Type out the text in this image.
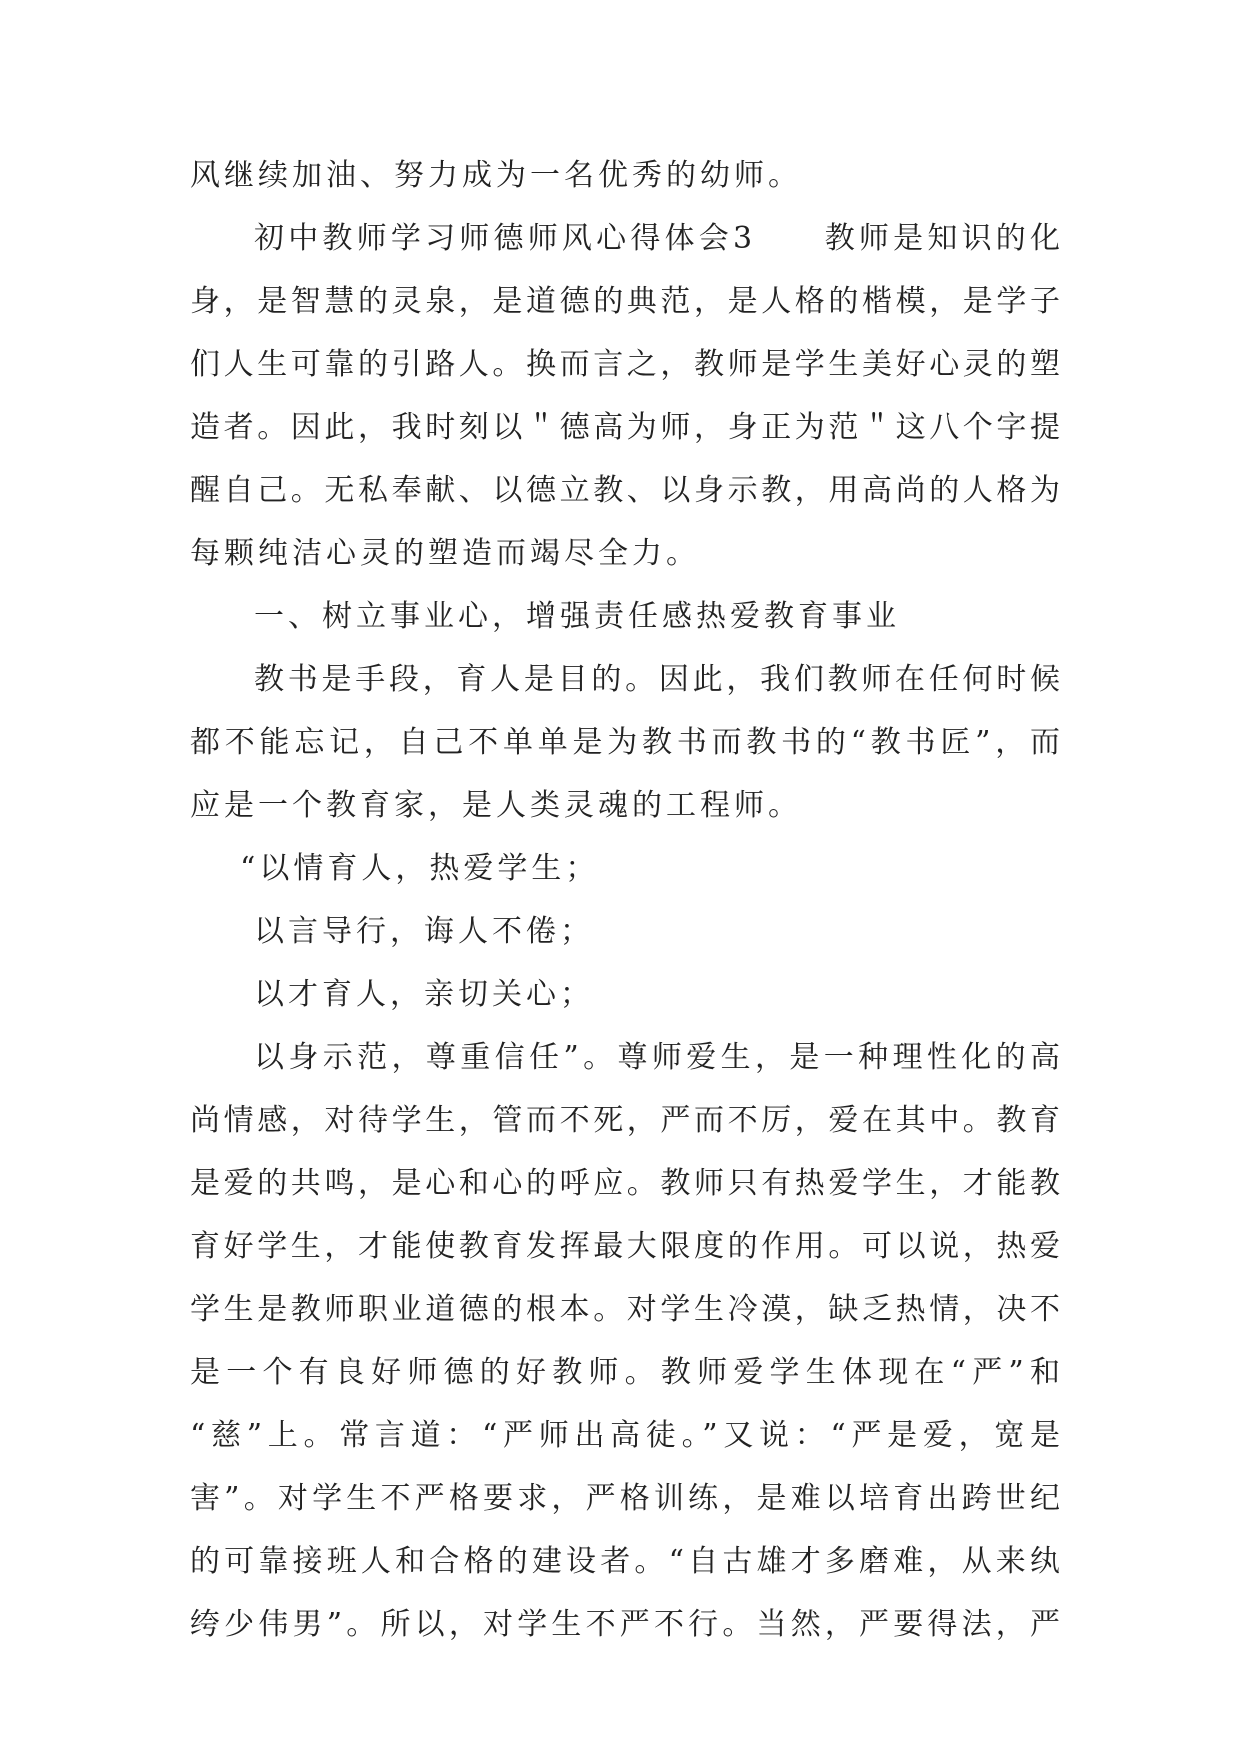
风继续加油、努力成为一名优秀的幼师。
初中教师学习师德师风心得体会3　　教师是知识的化
身，是智慧的灵泉，是道德的典范，是人格的楷模，是学子
们人生可靠的引路人。换而言之，教师是学生美好心灵的塑
造者。因此，我时刻以＂德高为师，身正为范＂这八个字提
醒自己。无私奉献、以德立教、以身示教，用高尚的人格为
每颗纯洁心灵的塑造而竭尽全力。
一、树立事业心，增强责任感热爱教育事业
教书是手段，育人是目的。因此，我们教师在任何时候
都不能忘记，自己不单单是为教书而教书的“教书匠”，而
应是一个教育家，是人类灵魂的工程师。
“以情育人，热爱学生；
以言导行，诲人不倦；
以才育人，亲切关心；
以身示范，尊重信任”。尊师爱生，是一种理性化的高
尚情感，对待学生，管而不死，严而不厉，爱在其中。教育
是爱的共鸣，是心和心的呼应。教师只有热爱学生，才能教
育好学生，才能使教育发挥最大限度的作用。可以说，热爱
学生是教师职业道德的根本。对学生冷漠，缺乏热情，决不
是一个有良好师德的好教师。教师爱学生体现在“严”和
“慈”上。常言道：“严师出高徒。”又说：“严是爱，宽是
害”。对学生不严格要求，严格训练，是难以培育出跨世纪
的可靠接班人和合格的建设者。“自古雄才多磨难，从来纨
绔少伟男”。所以，对学生不严不行。当然，严要得法，严
